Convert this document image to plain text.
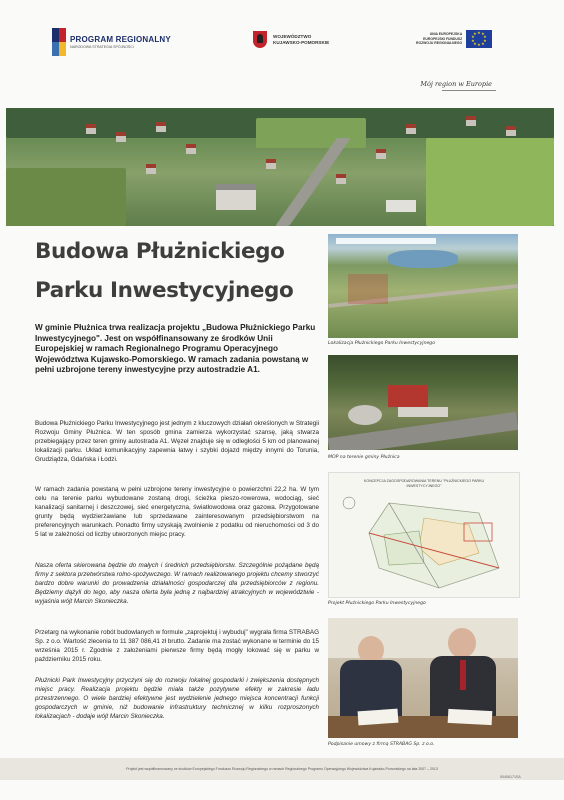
PROGRAM REGIONALNY
NARODOWA STRATEGIA SPÓJNOŚCI
WOJEWÓDZTWO
KUJAWSKO-POMORSKIE
UNIA EUROPEJSKA
EUROPEJSKI FUNDUSZ
ROZWOJU REGIONALNEGO
★ ★
★
★
★
★
★
★
★
★
Mój region w Europie
Budowa Płużnickiego
Parku Inwestycyjnego
W gminie Płużnica trwa realizacja projektu „Budowa Płużnickiego Parku Inwestycyjnego". Jest on współfinansowany ze środków Unii Europejskiej w ramach Regionalnego Programu Operacyjnego Województwa Kujawsko-Pomorskiego. W ramach zadania powstaną w pełni uzbrojone tereny inwestycyjne przy autostradzie A1.
Budowa Płużnickiego Parku Inwestycyjnego jest jednym z kluczowych działań określonych w Strategii Rozwoju Gminy Płużnica. W ten sposób gmina zamierza wykorzystać szansę, jaką stwarza przebiegający przez teren gminy autostrada A1. Węzeł znajduje się w odległości 5 km od planowanej lokalizacji parku. Układ komunikacyjny zapewnia łatwy i szybki dojazd między innymi do Torunia, Grudziądza, Gdańska i Łodzi.
W ramach zadania powstaną w pełni uzbrojone tereny inwestycyjne o powierzchni 22,2 ha. W tym celu na terenie parku wybudowane zostaną drogi, ścieżka pieszo-rowerowa, wodociąg, sieć kanalizacji sanitarnej i deszczowej, sieć energetyczna, światłowodowa oraz gazowa. Przygotowane grunty będą wydzierżawiane lub sprzedawane zainteresowanym przedsiębiorstwom na preferencyjnych warunkach. Ponadto firmy uzyskają zwolnienie z podatku od nieruchomości od 3 do 5 lat w zależności od liczby utworzonych miejsc pracy.
Nasza oferta skierowana będzie do małych i średnich przedsiębiorstw. Szczególnie pożądane będą firmy z sektora przetwórstwa rolno-spożywczego. W ramach realizowanego projektu chcemy stworzyć bardzo dobre warunki do prowadzenia działalności gospodarczej dla przedsiębiorców z regionu. Będziemy dążyli do tego, aby nasza oferta była jedną z najbardziej atrakcyjnych w województwie - wyjaśnia wójt Marcin Skonieczka.
Przetarg na wykonanie robót budowlanych w formule „zaprojektuj i wybuduj" wygrała firma STRABAG Sp. z o.o. Wartość zlecenia to 11 387 086,41 zł brutto. Zadanie ma zostać wykonane w terminie do 15 września 2015 r. Zgodnie z założeniami pierwsze firmy będą mogły lokować się w parku w październiku 2015 roku.
Płużnicki Park Inwestycyjny przyczyni się do rozwoju lokalnej gospodarki i zwiększenia dostępnych miejsc pracy. Realizacja projektu będzie miała także pozytywne efekty w zakresie ładu przestrzennego. O wiele bardziej efektywne jest wydzielenie jednego miejsca koncentracji funkcji gospodarczych w gminie, niż budowanie infrastruktury technicznej w kilku rozproszonych lokalizacjach - dodaje wójt Marcin Skonieczka.
Lokalizacja Płużnickiego Parku Inwestycyjnego
MOP na terenie gminy Płużnica
KONCEPCJA ZAGOSPODAROWANIA TERENU "PŁUŻNICKIEGO PARKU INWESTYCYJNEGO"
Projekt Płużnickiego Parku Inwestycyjnego
Podpisanie umowy z firmą STRABAG Sp. z o.o.
Projekt jest współfinansowany ze środków Europejskiego Funduszu Rozwoju Regionalnego w ramach Regionalnego Programu Operacyjnego Województwa Kujawsko-Pomorskiego na lata 2007 – 2013
00406171SA
